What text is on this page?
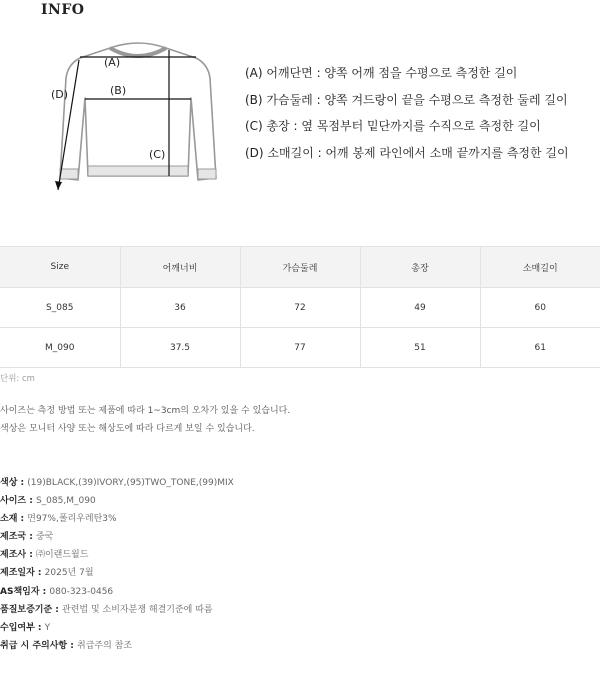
INFO
(A)
(B)
(C)
(D)
(A) 어깨단면 : 양쪽 어깨 점을 수평으로 측정한 길이
(B) 가슴둘레 : 양쪽 겨드랑이 끝을 수평으로 측정한 둘레 길이
(C) 총장 : 옆 목점부터 밑단까지를 수직으로 측정한 길이
(D) 소매길이 : 어깨 봉제 라인에서 소매 끝까지를 측정한 길이
Size	어깨너비	가슴둘레	총장	소매길이
S_085	36	72	49	60
M_090	37.5	77	51	61
단위: cm
사이즈는 측정 방법 또는 제품에 따라 1~3cm의 오차가 있을 수 있습니다.
색상은 모니터 사양 또는 해상도에 따라 다르게 보일 수 있습니다.
색상 : (19)BLACK,(39)IVORY,(95)TWO_TONE,(99)MIX
사이즈 : S_085,M_090
소재 : 면97%,폴리우레탄3%
제조국 : 중국
제조사 : ㈜이랜드월드
제조일자 : 2025년 7월
AS책임자 : 080-323-0456
품질보증기준 : 관련법 및 소비자분쟁 해결기준에 따름
수입여부 : Y
취급 시 주의사항 : 취급주의 참조
